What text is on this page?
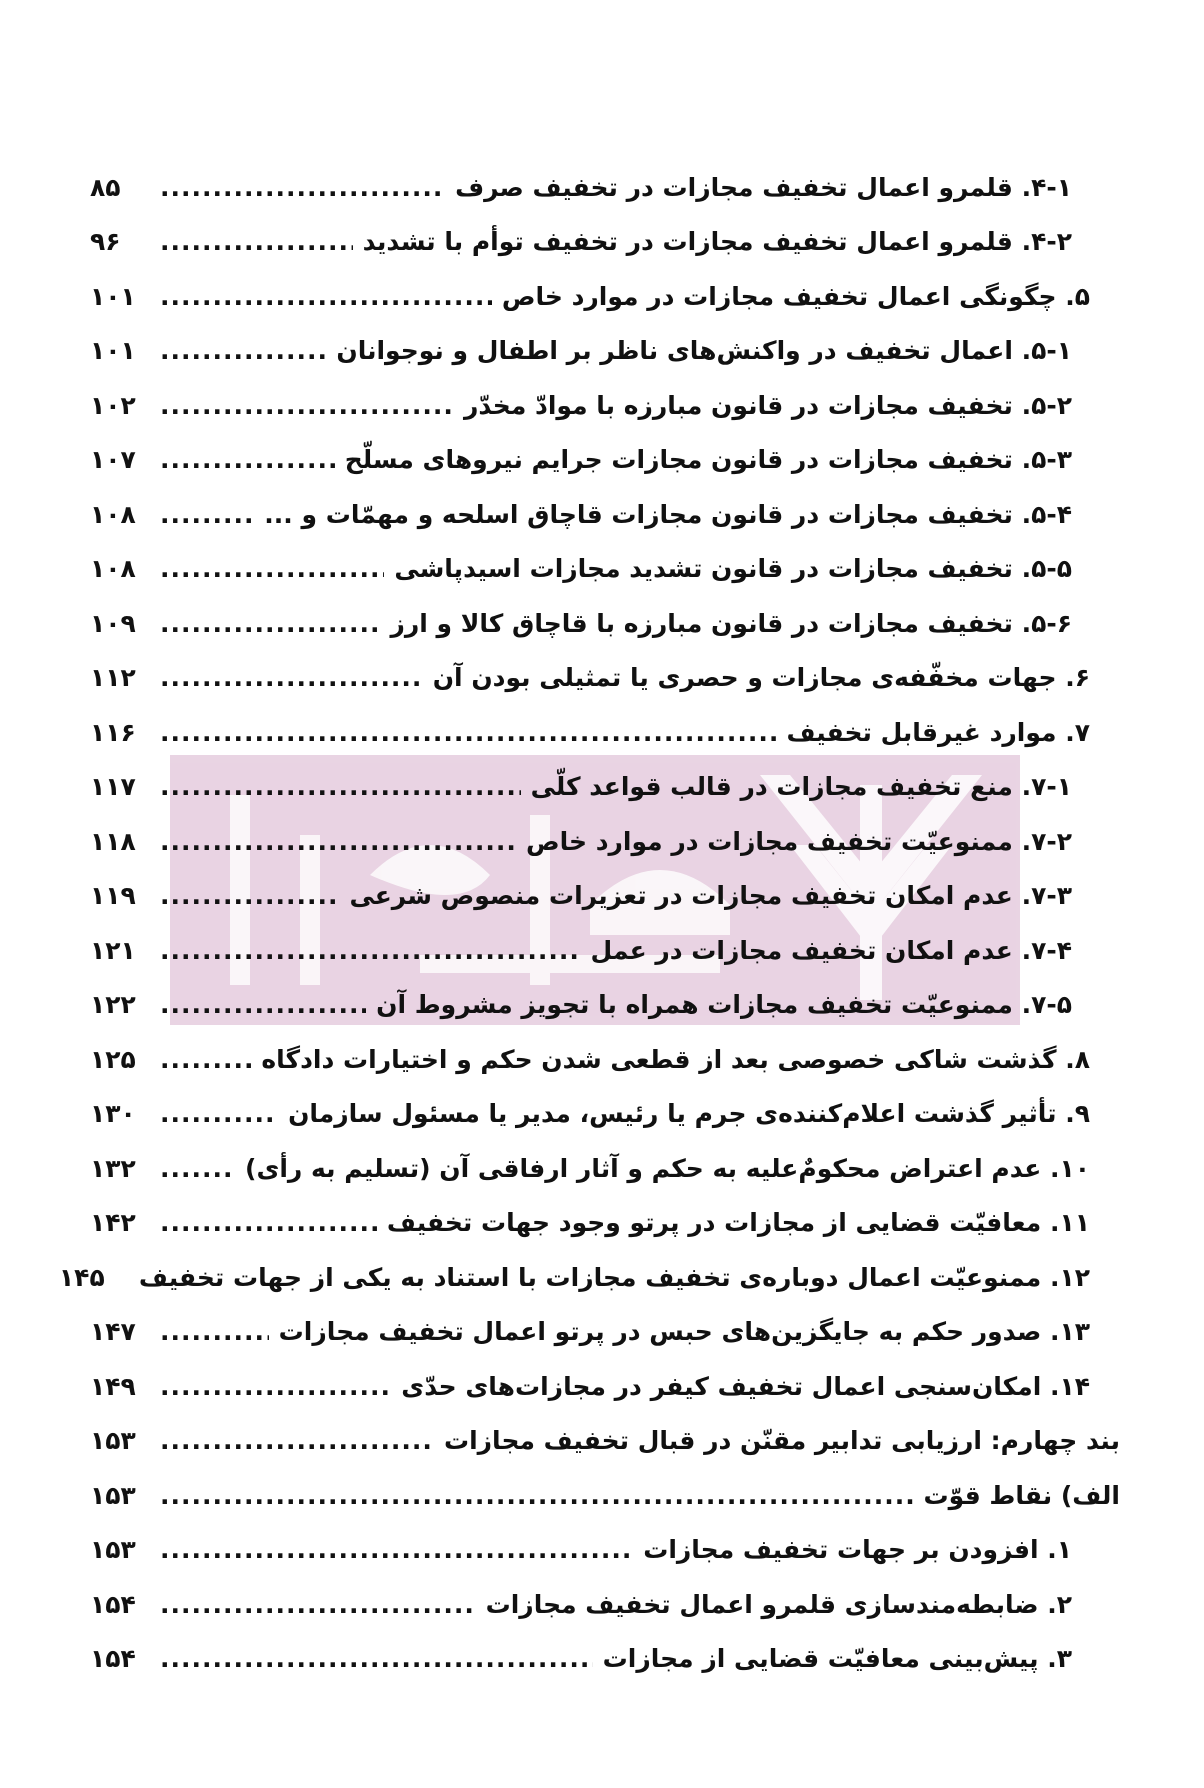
۴-۱. قلمرو اعمال تخفیف مجازات در تخفیف صرف
.....
۸۵
۴-۲. قلمرو اعمال تخفیف مجازات در تخفیف توأم با تشدید
.....
۹۶
۵. چگونگی اعمال تخفیف مجازات در موارد خاص
.....
۱۰۱
۵-۱. اعمال تخفیف در واکنش‌های ناظر بر اطفال و نوجوانان
.....
۱۰۱
۵-۲. تخفیف مجازات در قانون مبارزه با موادّ مخدّر
.....
۱۰۲
۵-۳. تخفیف مجازات در قانون مجازات جرایم نیروهای مسلّح
.....
۱۰۷
۵-۴. تخفیف مجازات در قانون مجازات قاچاق اسلحه و مهمّات و ...
.....
۱۰۸
۵-۵. تخفیف مجازات در قانون تشدید مجازات اسیدپاشی
.....
۱۰۸
۵-۶. تخفیف مجازات در قانون مبارزه با قاچاق کالا و ارز
.....
۱۰۹
۶. جهات مخفّفه‌ی مجازات و حصری یا تمثیلی بودن آن
.....
۱۱۲
۷. موارد غیرقابل تخفیف
.....
۱۱۶
۷-۱. منع تخفیف مجازات در قالب قواعد کلّی
.....
۱۱۷
۷-۲. ممنوعیّت تخفیف مجازات در موارد خاص
.....
۱۱۸
۷-۳. عدم امکان تخفیف مجازات در تعزیرات منصوص شرعی
.....
۱۱۹
۷-۴. عدم امکان تخفیف مجازات در عمل
.....
۱۲۱
۷-۵. ممنوعیّت تخفیف مجازات همراه با تجویز مشروط آن
.....
۱۲۲
۸. گذشت شاکی خصوصی بعد از قطعی شدن حکم و اختیارات دادگاه
.....
۱۲۵
۹. تأثیر گذشت اعلام‌کننده‌ی جرم یا رئیس، مدیر یا مسئول سازمان
.....
۱۳۰
۱۰. عدم اعتراض محکومٌ‌علیه به حکم و آثار ارفاقی آن (تسلیم به رأی)
.....
۱۳۲
۱۱. معافیّت قضایی از مجازات در پرتو وجود جهات تخفیف
.....
۱۴۲
۱۲. ممنوعیّت اعمال دوباره‌ی تخفیف مجازات با استناد به یکی از جهات تخفیف
۱۴۵
۱۳. صدور حکم به جایگزین‌های حبس در پرتو اعمال تخفیف مجازات
.....
۱۴۷
۱۴. امکان‌سنجی اعمال تخفیف کیفر در مجازات‌های حدّی
.....
۱۴۹
بند چهارم: ارزیابی تدابیر مقنّن در قبال تخفیف مجازات
.....
۱۵۳
الف) نقاط قوّت
.....
۱۵۳
۱. افزودن بر جهات تخفیف مجازات
.....
۱۵۳
۲. ضابطه‌مندسازی قلمرو اعمال تخفیف مجازات
.....
۱۵۴
۳. پیش‌بینی معافیّت قضایی از مجازات
.....
۱۵۴
